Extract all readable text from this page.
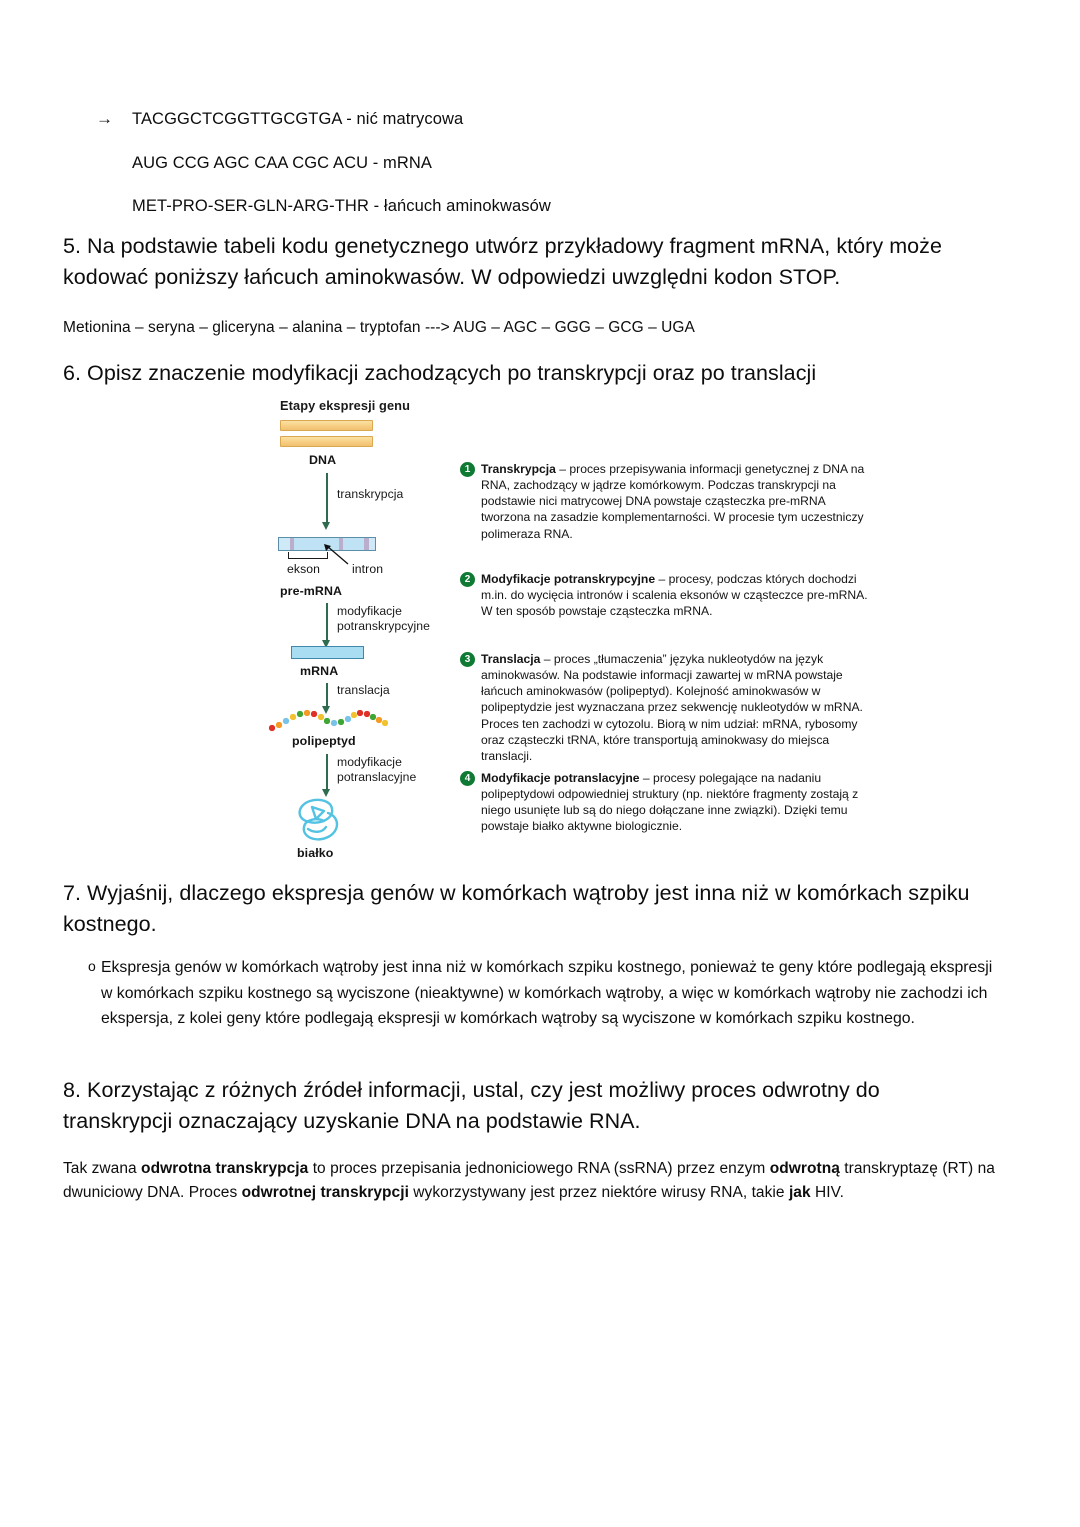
→ TACGGCTCGGTTGCGTGA - nić matrycowa
AUG CCG AGC CAA CGC ACU - mRNA
MET-PRO-SER-GLN-ARG-THR - łańcuch aminokwasów
5. Na podstawie tabeli kodu genetycznego utwórz przykładowy fragment mRNA, który może kodować poniższy łańcuch aminokwasów. W odpowiedzi uwzględni kodon STOP.
Metionina – seryna – gliceryna – alanina – tryptofan ---> AUG – AGC – GGG – GCG – UGA
6. Opisz znaczenie modyfikacji zachodzących po transkrypcji oraz po translacji
Etapy ekspresji genu
DNA
transkrypcja
ekson	intron
pre-mRNA
modyfikacje
potranskrypcyjne
mRNA
translacja
polipeptyd
modyfikacje
potranslacyjne
białko
1 Transkrypcja – proces przepisywania informacji genetycznej z DNA na RNA, zachodzący w jądrze komórkowym. Podczas transkrypcji na podstawie nici matrycowej DNA powstaje cząsteczka pre-mRNA tworzona na zasadzie komplementarności. W procesie tym uczestniczy polimeraza RNA.
2 Modyfikacje potranskrypcyjne – procesy, podczas których dochodzi m.in. do wycięcia intronów i scalenia eksonów w cząsteczce pre-mRNA. W ten sposób powstaje cząsteczka mRNA.
3 Translacja – proces „tłumaczenia” języka nukleotydów na język aminokwasów. Na podstawie informacji zawartej w mRNA powstaje łańcuch aminokwasów (polipeptyd). Kolejność aminokwasów w polipeptydzie jest wyznaczana przez sekwencję nukleotydów w mRNA. Proces ten zachodzi w cytozolu. Biorą w nim udział: mRNA, rybosomy oraz cząsteczki tRNA, które transportują aminokwasy do miejsca translacji.
4 Modyfikacje potranslacyjne – procesy polegające na nadaniu polipeptydowi odpowiedniej struktury (np. niektóre fragmenty zostają z niego usunięte lub są do niego dołączane inne związki). Dzięki temu powstaje białko aktywne biologicznie.
7. Wyjaśnij, dlaczego ekspresja genów w komórkach wątroby jest inna niż w komórkach szpiku kostnego.
o Ekspresja genów w komórkach wątroby jest inna niż w komórkach szpiku kostnego, ponieważ te geny które podlegają ekspresji w komórkach szpiku kostnego są wyciszone (nieaktywne) w komórkach wątroby, a więc w komórkach wątroby nie zachodzi ich ekspersja, z kolei geny które podlegają ekspresji w komórkach wątroby są wyciszone w komórkach szpiku kostnego.
8. Korzystając z różnych źródeł informacji, ustal, czy jest możliwy proces odwrotny do transkrypcji oznaczający uzyskanie DNA na podstawie RNA.
Tak zwana odwrotna transkrypcja to proces przepisania jednoniciowego RNA (ssRNA) przez enzym odwrotną transkryptazę (RT) na dwuniciowy DNA. Proces odwrotnej transkrypcji wykorzystywany jest przez niektóre wirusy RNA, takie jak HIV.
